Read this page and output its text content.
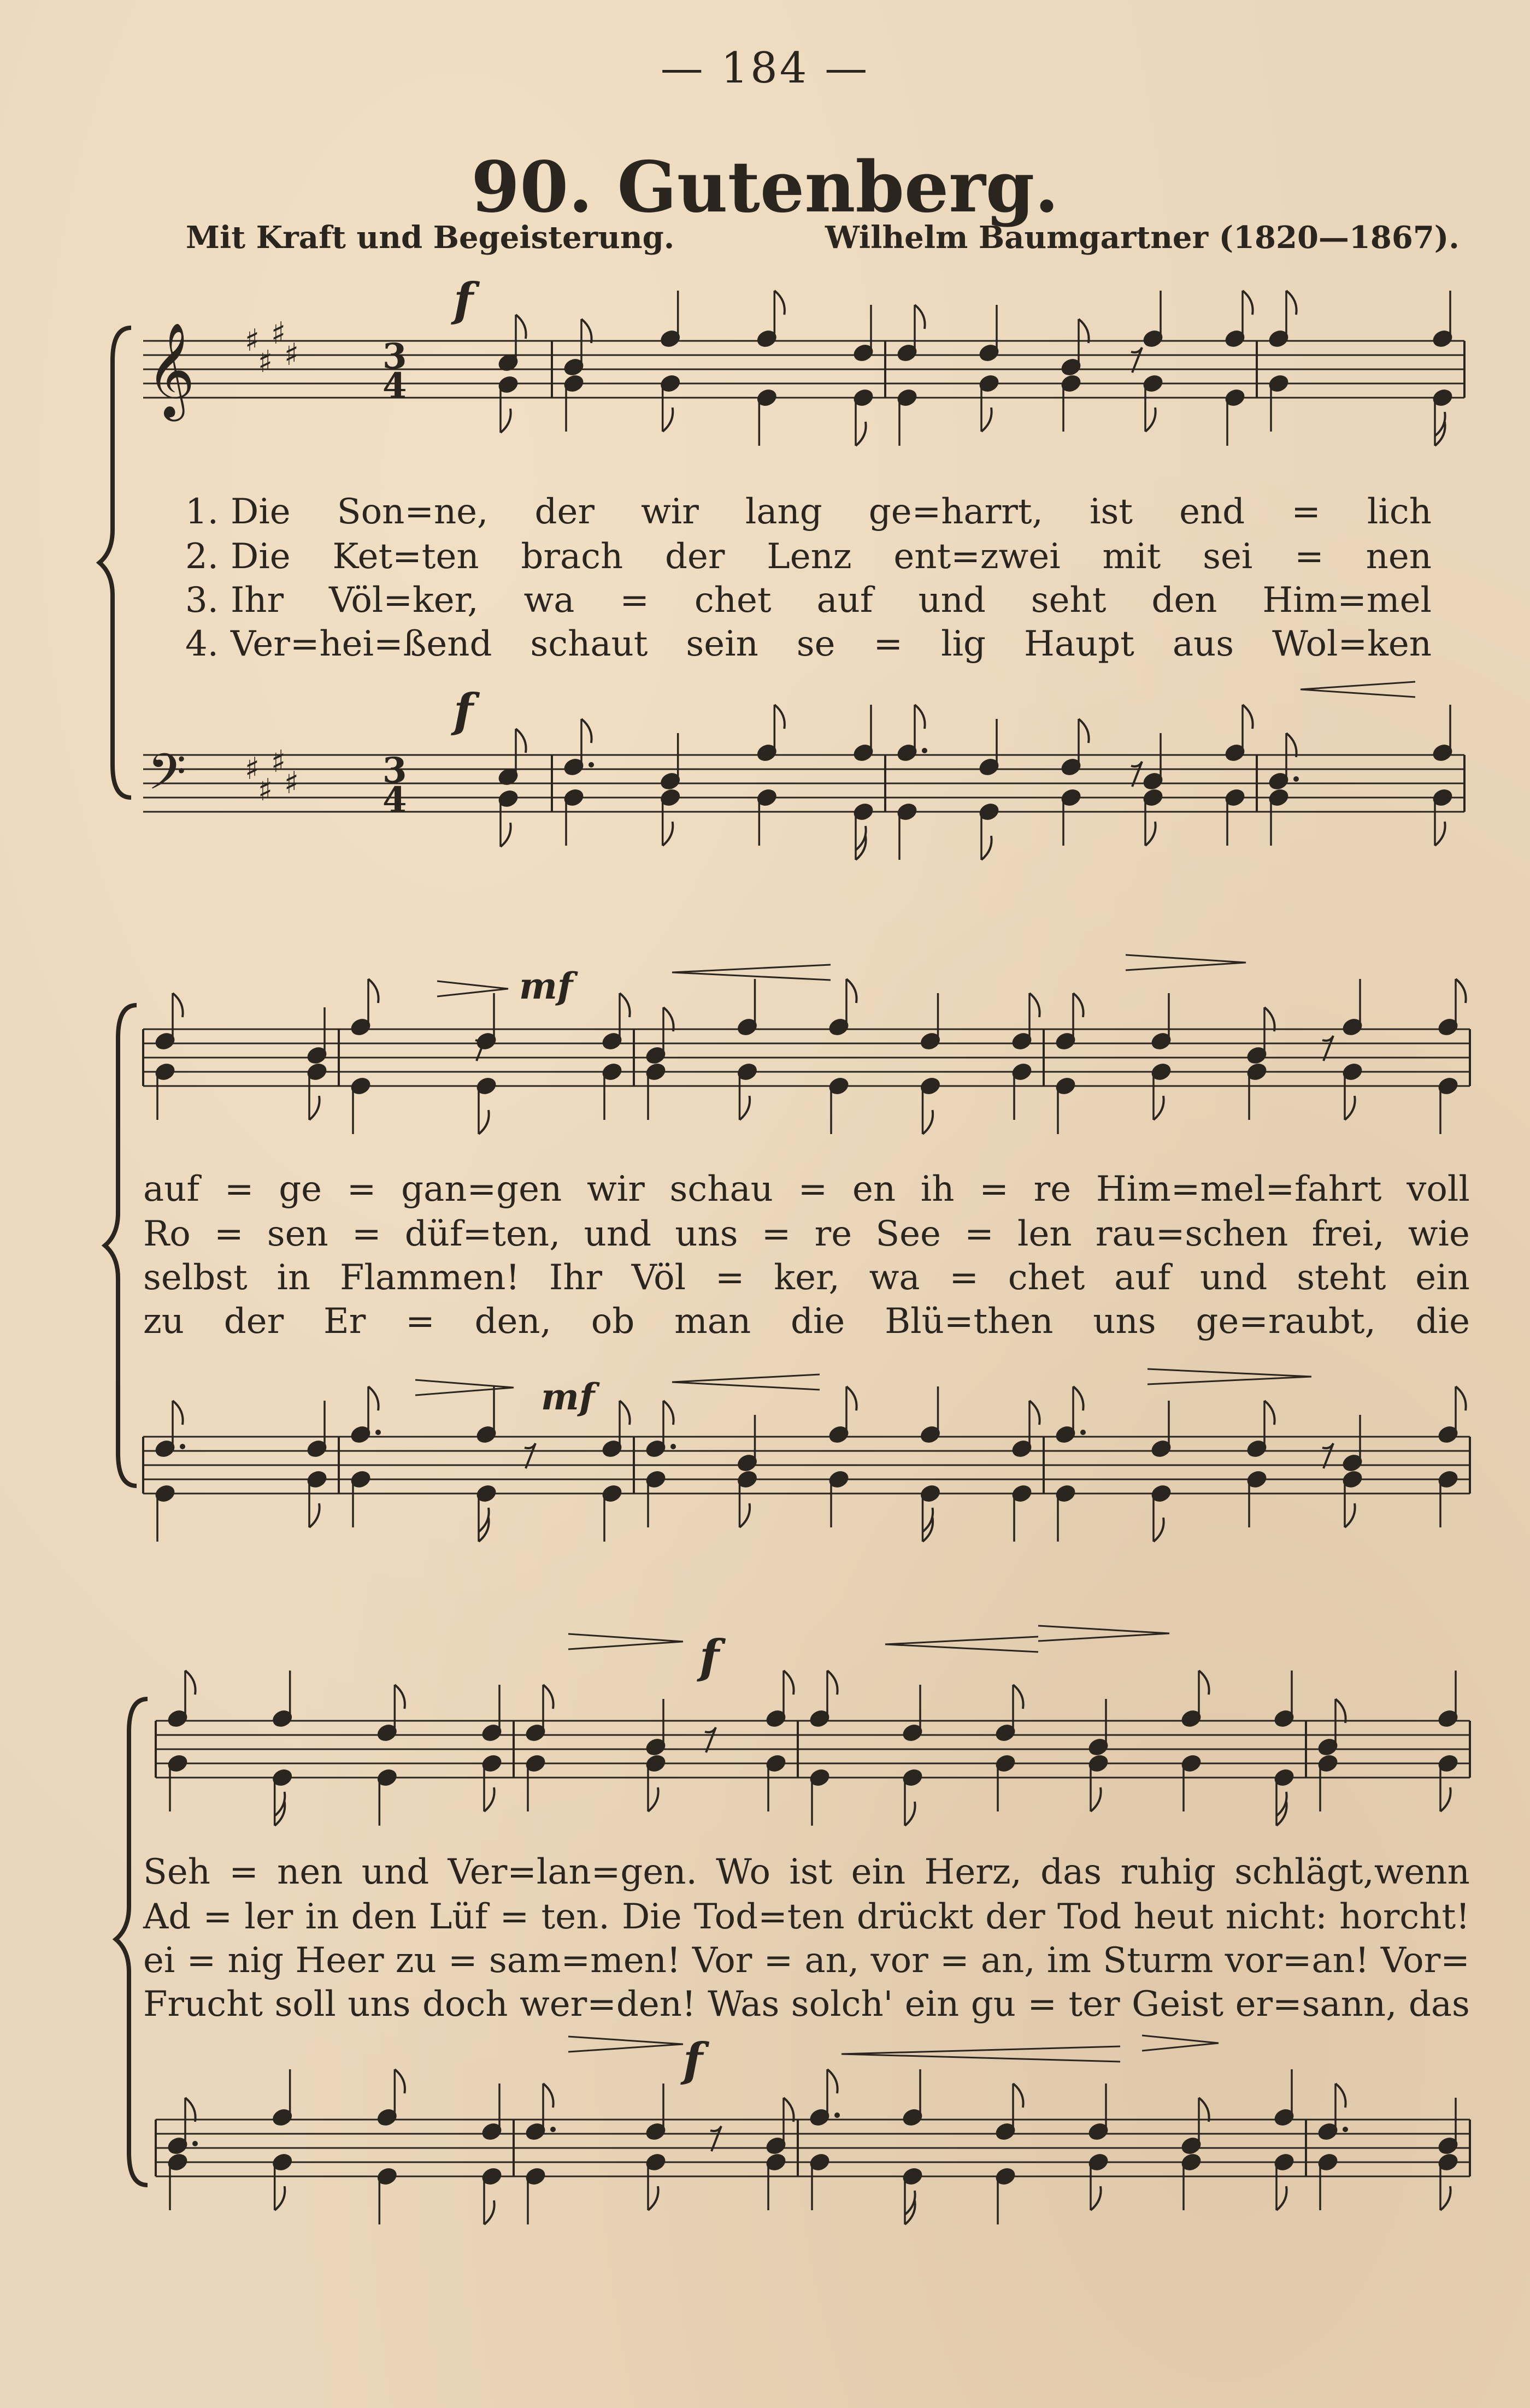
— 184 —
90. Gutenberg.
Mit Kraft und Begeisterung.	Wilhelm Baumgartner (1820—1867).
𝄞
𝄢
♯
♯
♯
♯
♯
♯
♯
♯
3
4
3
4
f
f
mf
mf
f
f
1. Die Son=ne, der wir lang ge=harrt, ist end = lich
2. Die Ket=ten brach der Lenz ent=zwei mit sei = nen
3. Ihr Völ=ker, wa = chet auf und seht den Him=mel
4. Ver=hei=ßend schaut sein se = lig Haupt aus Wol=ken
auf = ge = gan=gen wir schau = en ih = re Him=mel=fahrt voll
Ro = sen = düf=ten, und uns = re See = len rau=schen frei, wie
selbst in Flammen! Ihr Völ = ker, wa = chet auf und steht ein
zu der Er = den, ob man die Blü=then uns ge=raubt, die
Seh = nen und Ver=lan=gen. Wo ist ein Herz, das ruhig schlägt,wenn
Ad = ler in den Lüf = ten. Die Tod=ten drückt der Tod heut nicht: horcht!
ei = nig Heer zu = sam=men! Vor = an, vor = an, im Sturm vor=an! Vor=
Frucht soll uns doch wer=den! Was solch' ein gu = ter Geist er=sann, das
